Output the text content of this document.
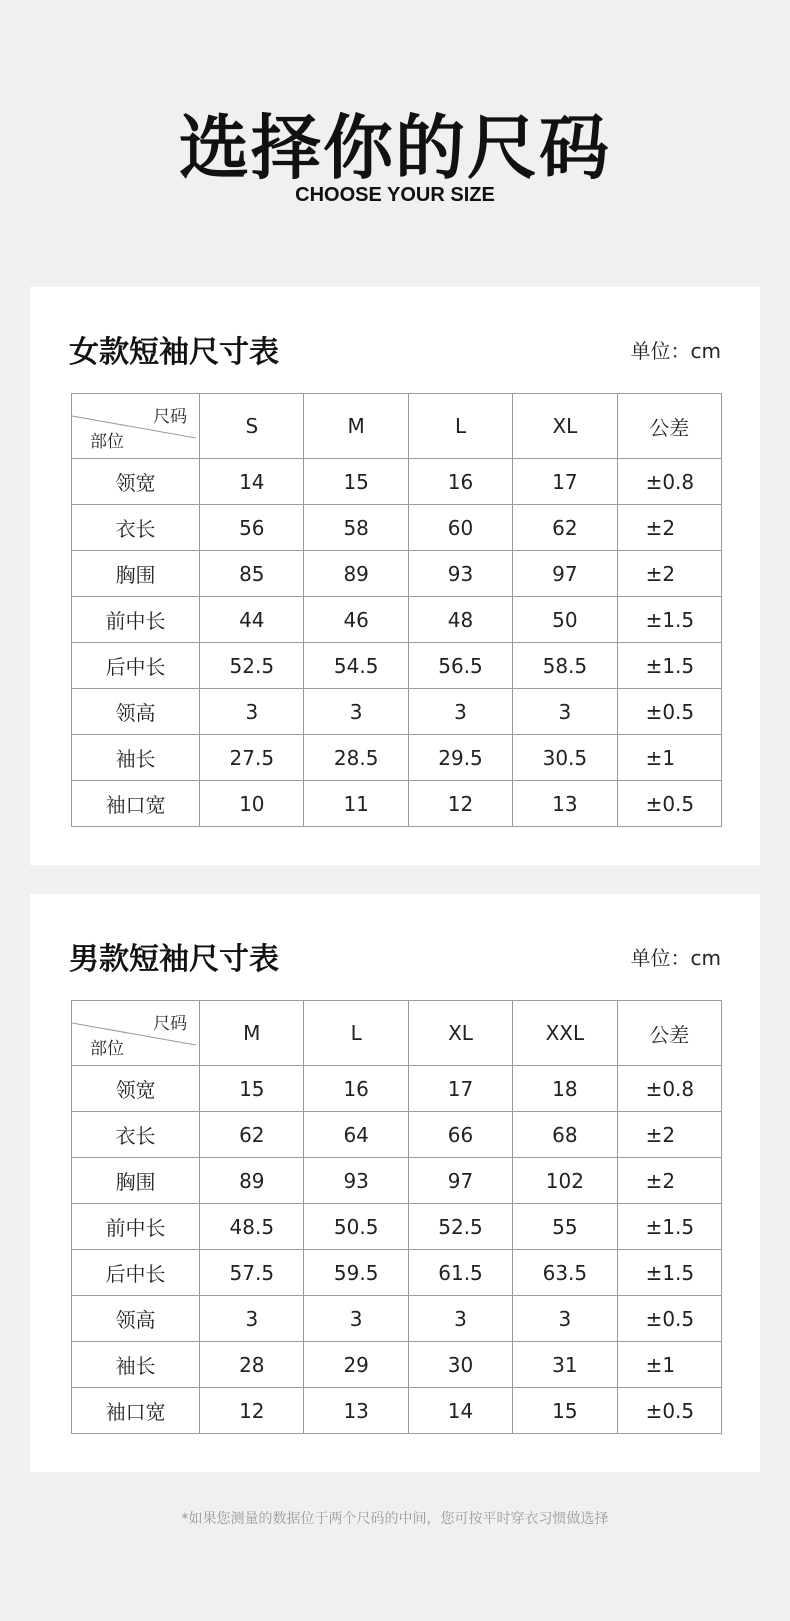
选择你的尺码
CHOOSE YOUR SIZE
女款短袖尺寸表	单位：cm
尺码
部位	S	M	L	XL	公差
领宽	14	15	16	17	±0.8
衣长	56	58	60	62	±2
胸围	85	89	93	97	±2
前中长	44	46	48	50	±1.5
后中长	52.5	54.5	56.5	58.5	±1.5
领高	3	3	3	3	±0.5
袖长	27.5	28.5	29.5	30.5	±1
袖口宽	10	11	12	13	±0.5
男款短袖尺寸表	单位：cm
尺码
部位	M	L	XL	XXL	公差
领宽	15	16	17	18	±0.8
衣长	62	64	66	68	±2
胸围	89	93	97	102	±2
前中长	48.5	50.5	52.5	55	±1.5
后中长	57.5	59.5	61.5	63.5	±1.5
领高	3	3	3	3	±0.5
袖长	28	29	30	31	±1
袖口宽	12	13	14	15	±0.5
*如果您测量的数据位于两个尺码的中间，您可按平时穿衣习惯做选择
